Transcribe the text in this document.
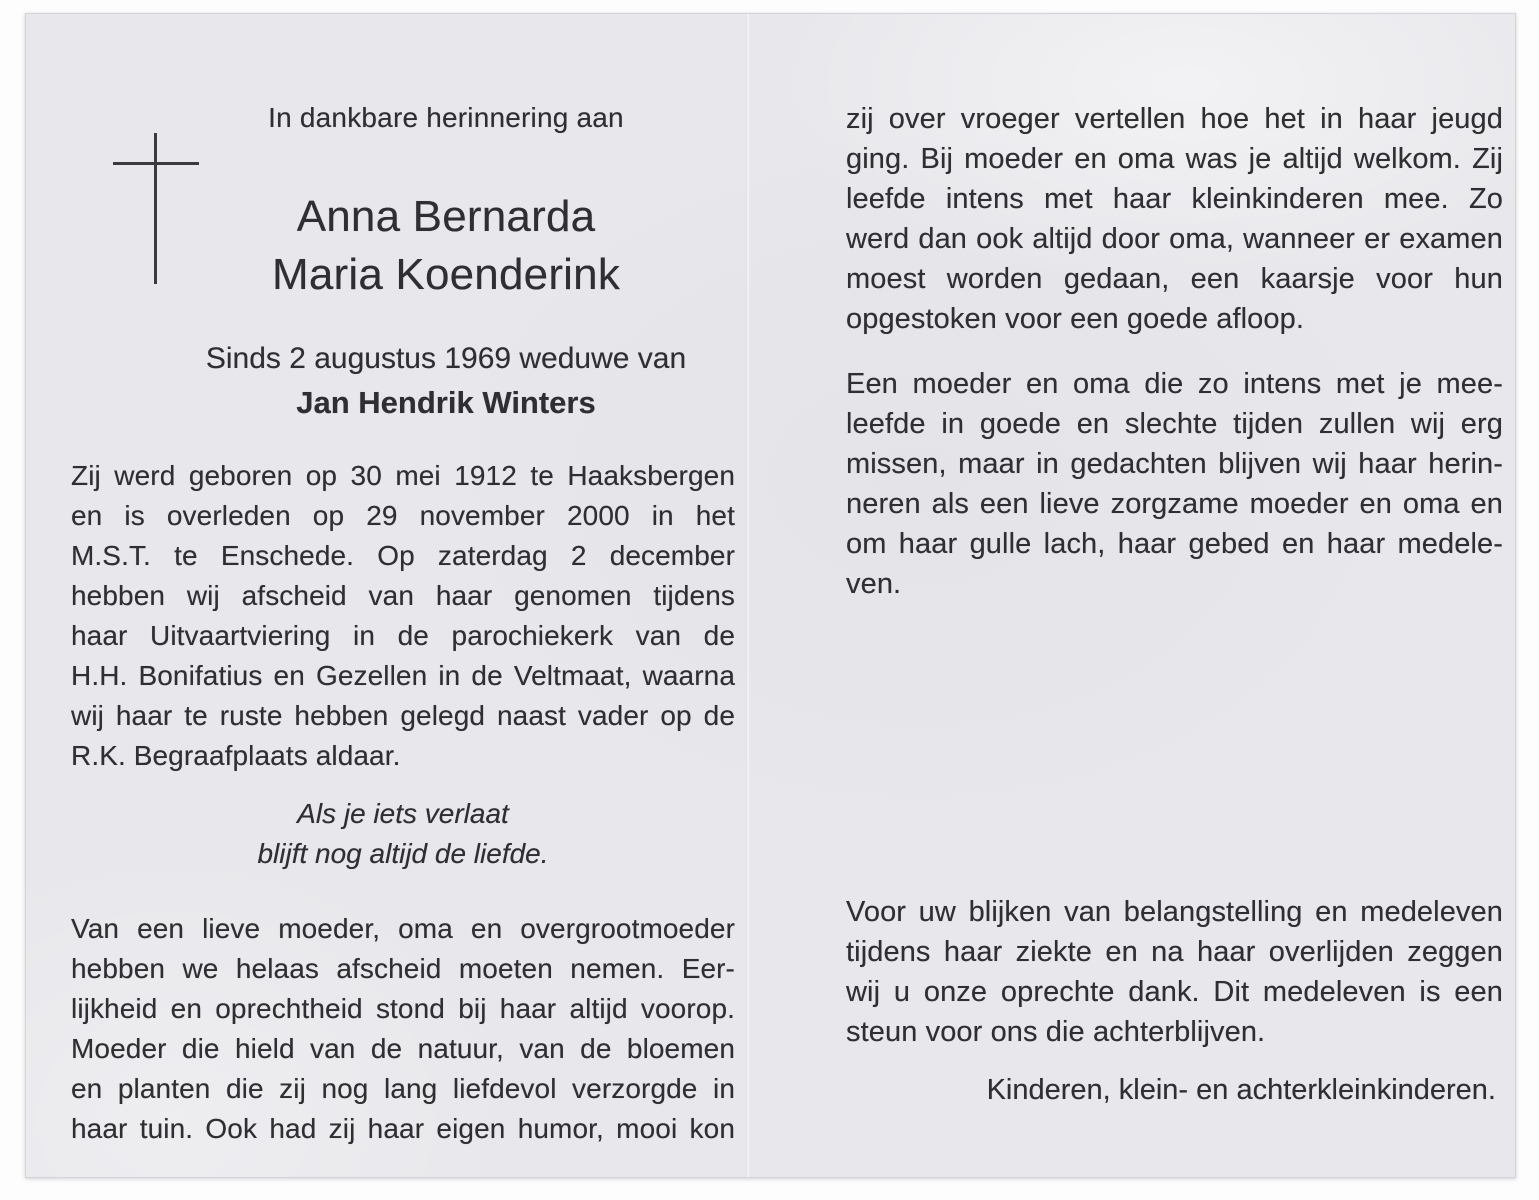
In dankbare herinnering aan
Anna Bernarda
Maria Koenderink
Sinds 2 augustus 1969 weduwe van
Jan Hendrik Winters
Zij werd geboren op 30 mei 1912 te Haaksbergen
en is overleden op 29 november 2000 in het
M.S.T. te Enschede. Op zaterdag 2 december
hebben wij afscheid van haar genomen tijdens
haar Uitvaartviering in de parochiekerk van de
H.H. Bonifatius en Gezellen in de Veltmaat, waarna
wij haar te ruste hebben gelegd naast vader op de
R.K. Begraafplaats aldaar.
Als je iets verlaat
blijft nog altijd de liefde.
Van een lieve moeder, oma en overgrootmoeder
hebben we helaas afscheid moeten nemen. Eer-
lijkheid en oprechtheid stond bij haar altijd voorop.
Moeder die hield van de natuur, van de bloemen
en planten die zij nog lang liefdevol verzorgde in
haar tuin. Ook had zij haar eigen humor, mooi kon
zij over vroeger vertellen hoe het in haar jeugd
ging. Bij moeder en oma was je altijd welkom. Zij
leefde intens met haar kleinkinderen mee. Zo
werd dan ook altijd door oma, wanneer er examen
moest worden gedaan, een kaarsje voor hun
opgestoken voor een goede afloop.
Een moeder en oma die zo intens met je mee-
leefde in goede en slechte tijden zullen wij erg
missen, maar in gedachten blijven wij haar herin-
neren als een lieve zorgzame moeder en oma en
om haar gulle lach, haar gebed en haar medele-
ven.
Voor uw blijken van belangstelling en medeleven
tijdens haar ziekte en na haar overlijden zeggen
wij u onze oprechte dank. Dit medeleven is een
steun voor ons die achterblijven.
Kinderen, klein- en achterkleinkinderen.
